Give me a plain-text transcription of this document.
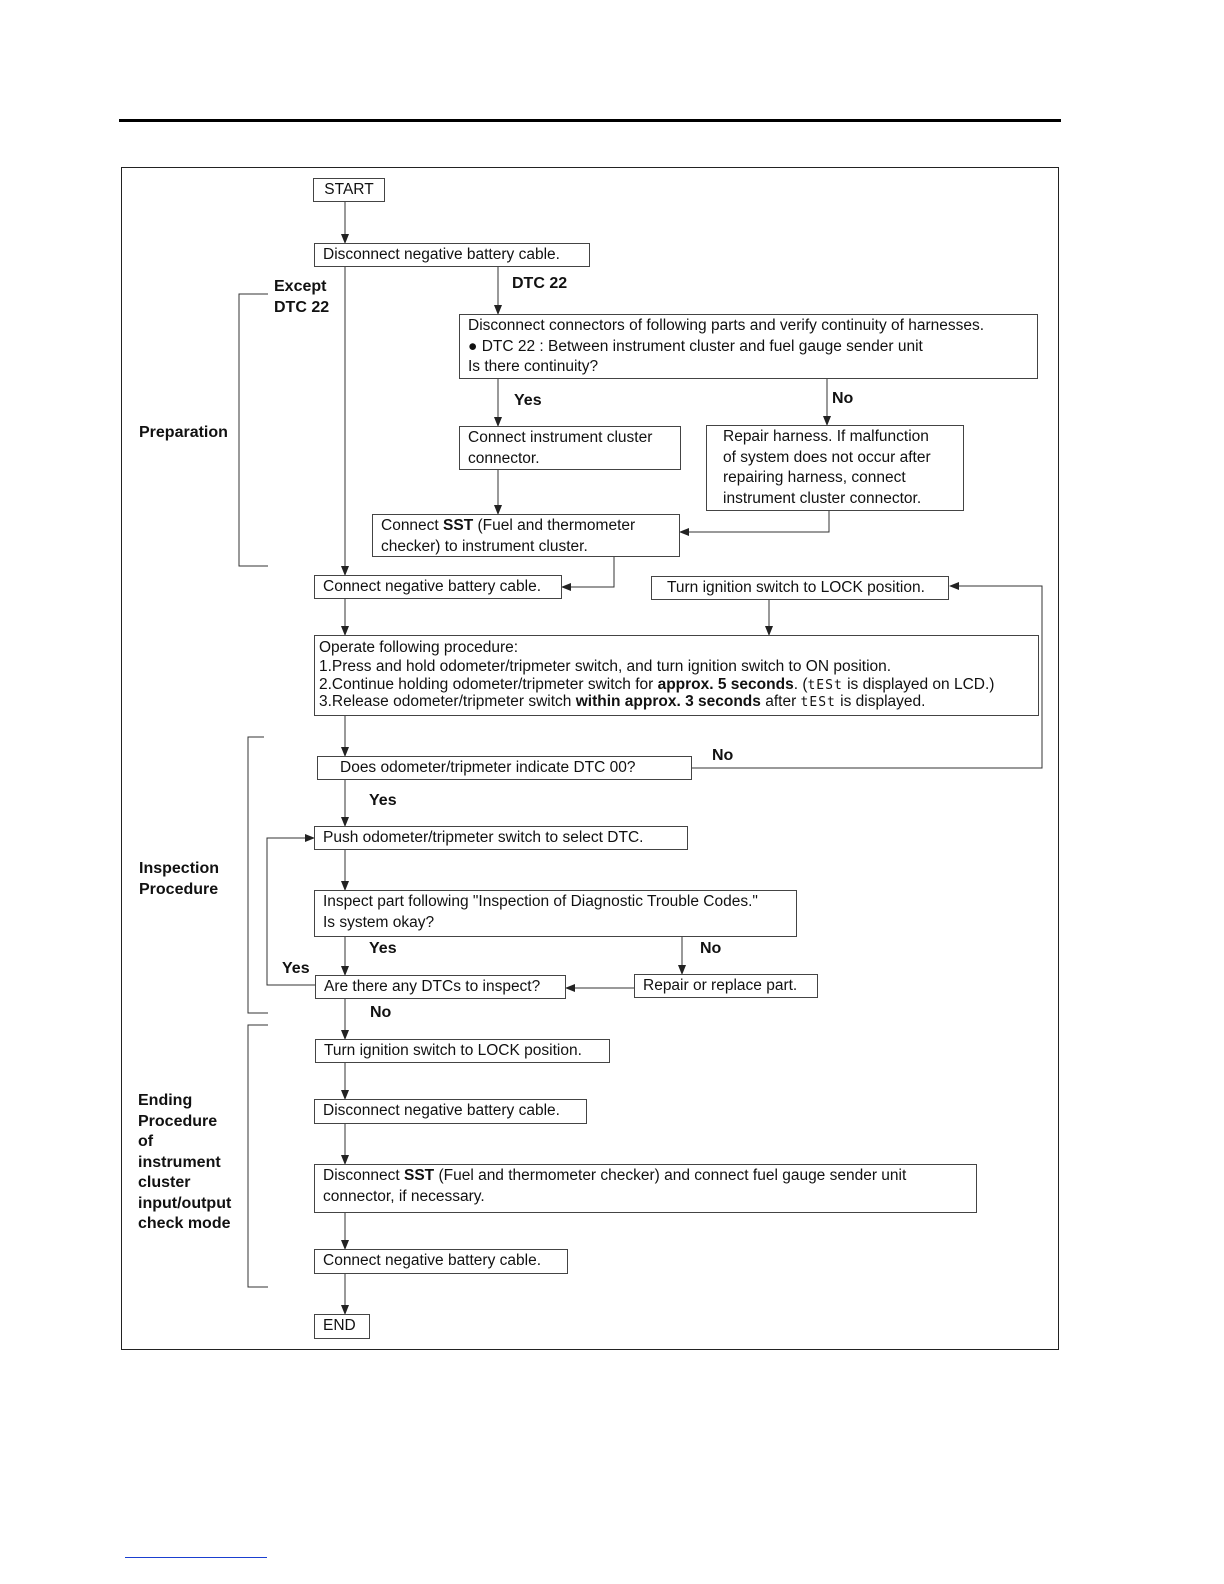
START
Disconnect negative battery cable.
Except
DTC 22
DTC 22
Disconnect connectors of following parts and verify continuity of harnesses.
● DTC 22 : Between instrument cluster and fuel gauge sender unit
Is there continuity?
Yes	No
Connect instrument cluster
connector.
Repair harness. If malfunction
of system does not occur after
repairing harness, connect
instrument cluster connector.
Connect SST (Fuel and thermometer
checker) to instrument cluster.
Preparation
Connect negative battery cable.	Turn ignition switch to LOCK position.
Operate following procedure:
1.Press and hold odometer/tripmeter switch, and turn ignition switch to ON position.
2.Continue holding odometer/tripmeter switch for approx. 5 seconds. (tESt is displayed on LCD.)
3.Release odometer/tripmeter switch within approx. 3 seconds after tESt is displayed.
No
Does odometer/tripmeter indicate DTC 00?
Yes
Push odometer/tripmeter switch to select DTC.
Inspection
Procedure
Inspect part following "Inspection of Diagnostic Trouble Codes."
Is system okay?
Yes	No
Yes
Are there any DTCs to inspect?	Repair or replace part.
No
Turn ignition switch to LOCK position.
Ending
Procedure
of
instrument
cluster
input/output
check mode
Disconnect negative battery cable.
Disconnect SST (Fuel and thermometer checker) and connect fuel gauge sender unit
connector, if necessary.
Connect negative battery cable.
END
